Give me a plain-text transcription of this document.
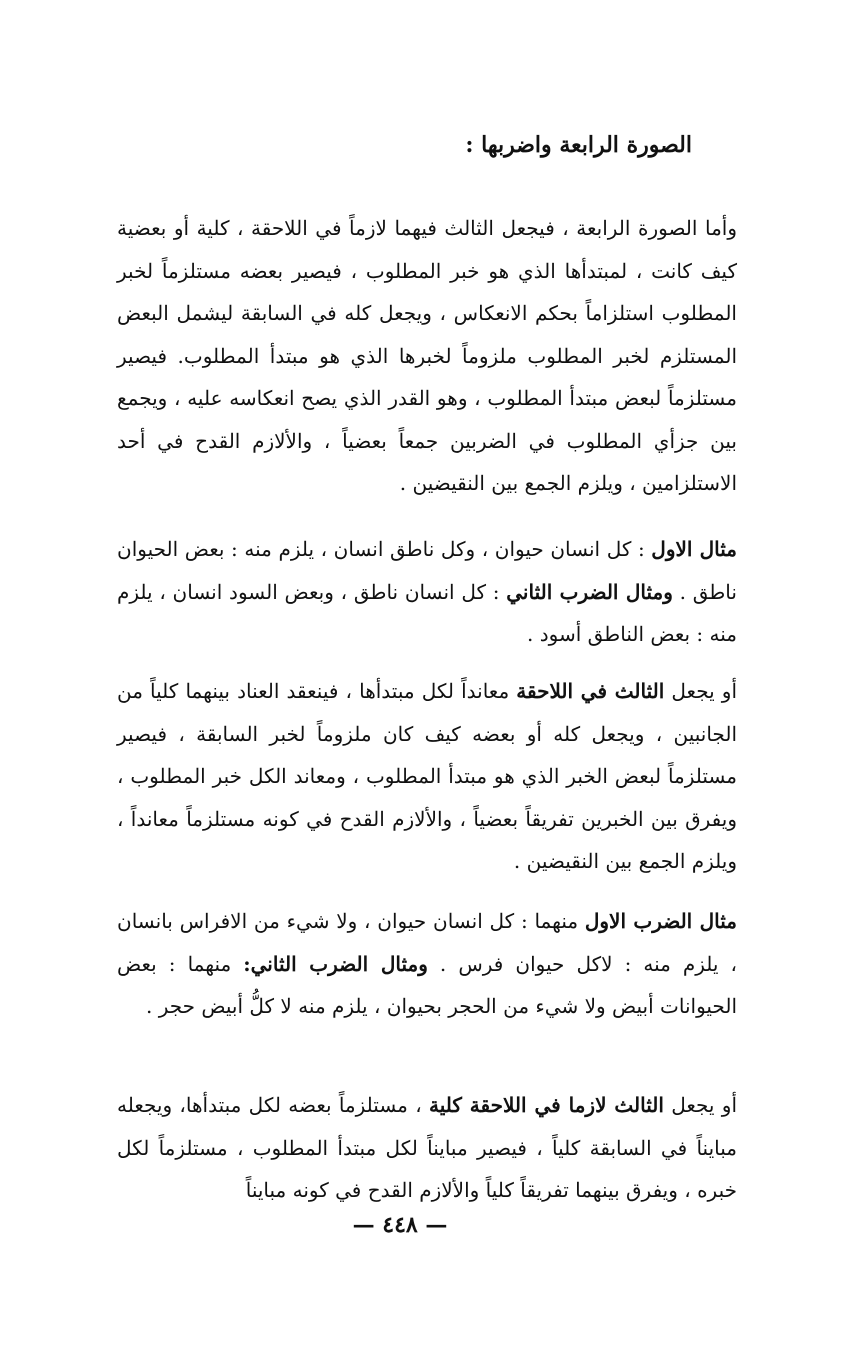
الصورة الرابعة واضربها :

وأما الصورة الرابعة ، فيجعل الثالث فيهما لازماً في اللاحقة ، كلية أو بعضية كيف كانت ، لمبتدأها الذي هو خبر المطلوب ، فيصير بعضه مستلزماً لخبر المطلوب استلزاماً بحكم الانعكاس ، ويجعل كله في السابقة ليشمل البعض المستلزم لخبر المطلوب ملزوماً لخبرها الذي هو مبتدأ المطلوب. فيصير مستلزماً لبعض مبتدأ المطلوب ، وهو القدر الذي يصح انعكاسه عليه ، ويجمع بين جزأي المطلوب في الضربين جمعاً بعضياً ، والألازم القدح في أحد الاستلزامين ، ويلزم الجمع بين النقيضين .

مثال الاول : كل انسان حيوان ، وكل ناطق انسان ، يلزم منه : بعض الحيوان ناطق . ومثال الضرب الثاني : كل انسان ناطق ، وبعض السود انسان ، يلزم منه : بعض الناطق أسود .

أو يجعل الثالث في اللاحقة معانداً لكل مبتدأها ، فينعقد العناد بينهما كلياً من الجانبين ، ويجعل كله أو بعضه كيف كان ملزوماً لخبر السابقة ، فيصير مستلزماً لبعض الخبر الذي هو مبتدأ المطلوب ، ومعاند الكل خبر المطلوب ، ويفرق بين الخبرين تفريقاً بعضياً ، والألازم القدح في كونه مستلزماً معانداً ، ويلزم الجمع بين النقيضين .

مثال الضرب الاول منهما : كل انسان حيوان ، ولا شيء من الافراس بانسان ، يلزم منه : لاكل حيوان فرس . ومثال الضرب الثاني: منهما : بعض الحيوانات أبيض ولا شيء من الحجر بحيوان ، يلزم منه لا كلُّ أبيض حجر .

أو يجعل الثالث لازما في اللاحقة كلية ، مستلزماً بعضه لكل مبتدأها، ويجعله مبايناً في السابقة كلياً ، فيصير مبايناً لكل مبتدأ المطلوب ، مستلزماً لكل خبره ، ويفرق بينهما تفريقاً كلياً والألازم القدح في كونه مبايناً

— ٤٤٨ —
